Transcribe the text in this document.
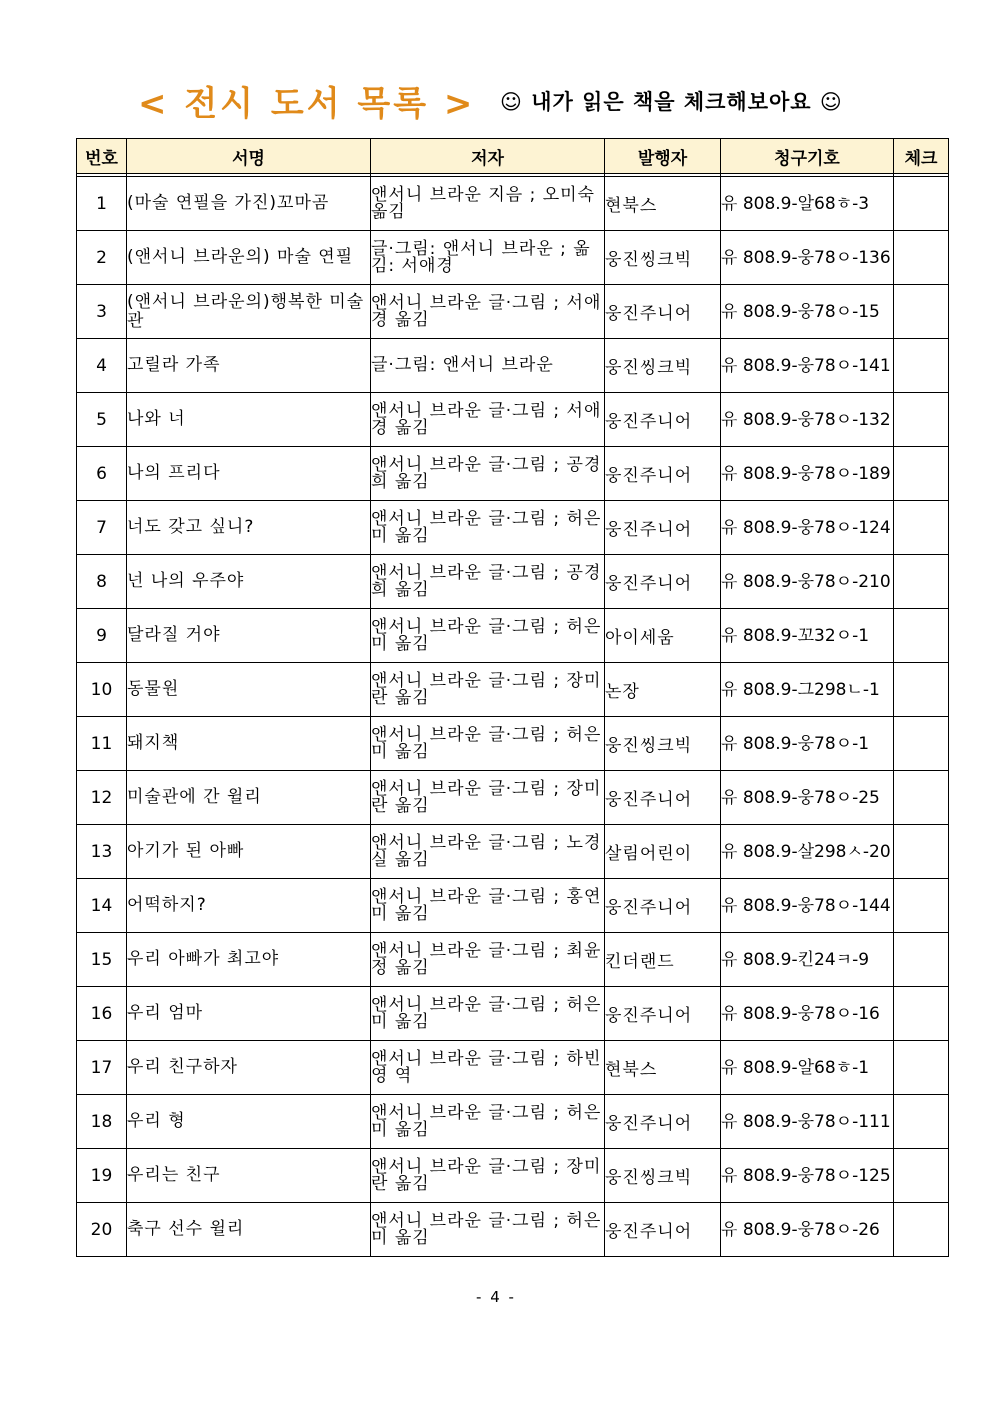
< 전시 도서 목록 > ☺ 내가 읽은 책을 체크해보아요 ☺
번호	서명	저자	발행자	청구기호	체크

1	(마술 연필을 가진)꼬마곰	앤서니 브라운 지음 ; 오미숙 옮김	현북스	유 808.9-알68ㅎ-3	
2	(앤서니 브라운의) 마술 연필	글·그림: 앤서니 브라운 ; 옮김: 서애경	웅진씽크빅	유 808.9-웅78ㅇ-136	
3	(앤서니 브라운의)행복한 미술관	앤서니 브라운 글·그림 ; 서애경 옮김	웅진주니어	유 808.9-웅78ㅇ-15	
4	고릴라 가족	글·그림: 앤서니 브라운	웅진씽크빅	유 808.9-웅78ㅇ-141	
5	나와 너	앤서니 브라운 글·그림 ; 서애경 옮김	웅진주니어	유 808.9-웅78ㅇ-132	
6	나의 프리다	앤서니 브라운 글·그림 ; 공경희 옮김	웅진주니어	유 808.9-웅78ㅇ-189	
7	너도 갖고 싶니?	앤서니 브라운 글·그림 ; 허은미 옮김	웅진주니어	유 808.9-웅78ㅇ-124	
8	넌 나의 우주야	앤서니 브라운 글·그림 ; 공경희 옮김	웅진주니어	유 808.9-웅78ㅇ-210	
9	달라질 거야	앤서니 브라운 글·그림 ; 허은미 옮김	아이세움	유 808.9-꼬32ㅇ-1	
10	동물원	앤서니 브라운 글·그림 ; 장미란 옮김	논장	유 808.9-그298ㄴ-1	
11	돼지책	앤서니 브라운 글·그림 ; 허은미 옮김	웅진씽크빅	유 808.9-웅78ㅇ-1	
12	미술관에 간 윌리	앤서니 브라운 글·그림 ; 장미란 옮김	웅진주니어	유 808.9-웅78ㅇ-25	
13	아기가 된 아빠	앤서니 브라운 글·그림 ; 노경실 옮김	살림어린이	유 808.9-살298ㅅ-20	
14	어떡하지?	앤서니 브라운 글·그림 ; 홍연미 옮김	웅진주니어	유 808.9-웅78ㅇ-144	
15	우리 아빠가 최고야	앤서니 브라운 글·그림 ; 최윤정 옮김	킨더랜드	유 808.9-킨24ㅋ-9	
16	우리 엄마	앤서니 브라운 글·그림 ; 허은미 옮김	웅진주니어	유 808.9-웅78ㅇ-16	
17	우리 친구하자	앤서니 브라운 글·그림 ; 하빈영 역	현북스	유 808.9-알68ㅎ-1	
18	우리 형	앤서니 브라운 글·그림 ; 허은미 옮김	웅진주니어	유 808.9-웅78ㅇ-111	
19	우리는 친구	앤서니 브라운 글·그림 ; 장미란 옮김	웅진씽크빅	유 808.9-웅78ㅇ-125	
20	축구 선수 윌리	앤서니 브라운 글·그림 ; 허은미 옮김	웅진주니어	유 808.9-웅78ㅇ-26	
- 4 -
